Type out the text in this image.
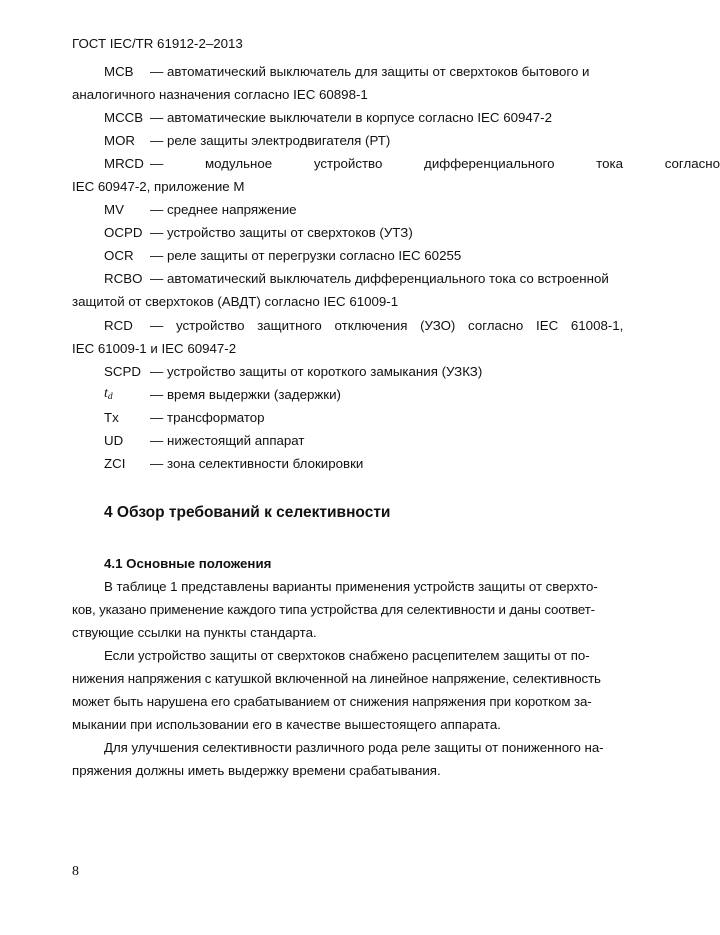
ГОСТ IEC/TR 61912-2–2013
MCB — автоматический выключатель для защиты от сверхтоков бытового и
аналогичного назначения согласно IEC 60898-1
MCCB — автоматические выключатели в корпусе согласно IEC 60947-2
MOR — реле защиты электродвигателя (РТ)
MRCD — модульное устройство дифференциального тока согласно
IEC 60947-2, приложение М
MV — среднее напряжение
OCPD — устройство защиты от сверхтоков (УТЗ)
OCR — реле защиты от перегрузки согласно IEC 60255
RCBO — автоматический выключатель дифференциального тока со встроенной
защитой от сверхтоков (АВДТ) согласно IEC 61009-1
RCD — устройство защитного отключения (УЗО) согласно IEC 61008-1,
IEC 61009-1 и IEC 60947-2
SCPD — устройство защиты от короткого замыкания (УЗКЗ)
$t_d$	— время выдержки (задержки)
Tx — трансформатор
UD — нижестоящий аппарат
ZCI — зона селективности блокировки
4 Обзор требований к селективности
4.1 Основные положения
В таблице 1 представлены варианты применения устройств защиты от сверхто-
ков, указано применение каждого типа устройства для селективности и даны соответ-
ствующие ссылки на пункты стандарта.
Если устройство защиты от сверхтоков снабжено расцепителем защиты от по-
нижения напряжения с катушкой включенной на линейное напряжение, селективность
может быть нарушена его срабатыванием от снижения напряжения при коротком за-
мыкании при использовании его в качестве вышестоящего аппарата.
Для улучшения селективности различного рода реле защиты от пониженного на-
пряжения должны иметь выдержку времени срабатывания.
8
